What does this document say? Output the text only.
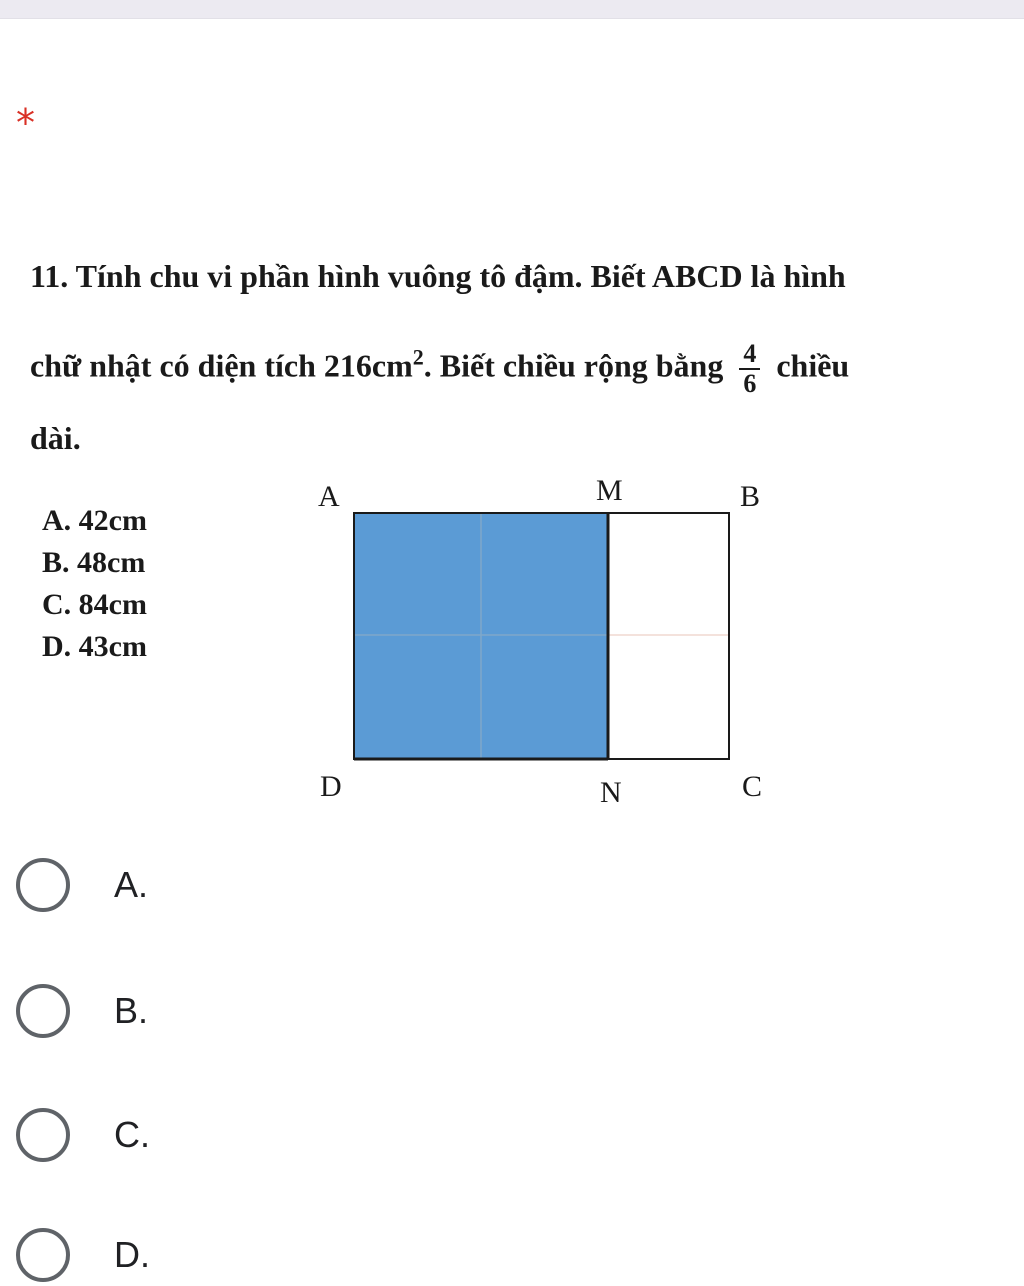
*
11. Tính chu vi phần hình vuông tô đậm. Biết ABCD là hình
chữ nhật có diện tích $216cm^2$. Biết chiều rộng bằng $\frac{4}{6}$ chiều
dài.
A. 42cm
B. 48cm
C. 84cm
D. 43cm
A	M	B
D	N	C
A.
B.
C.
D.
